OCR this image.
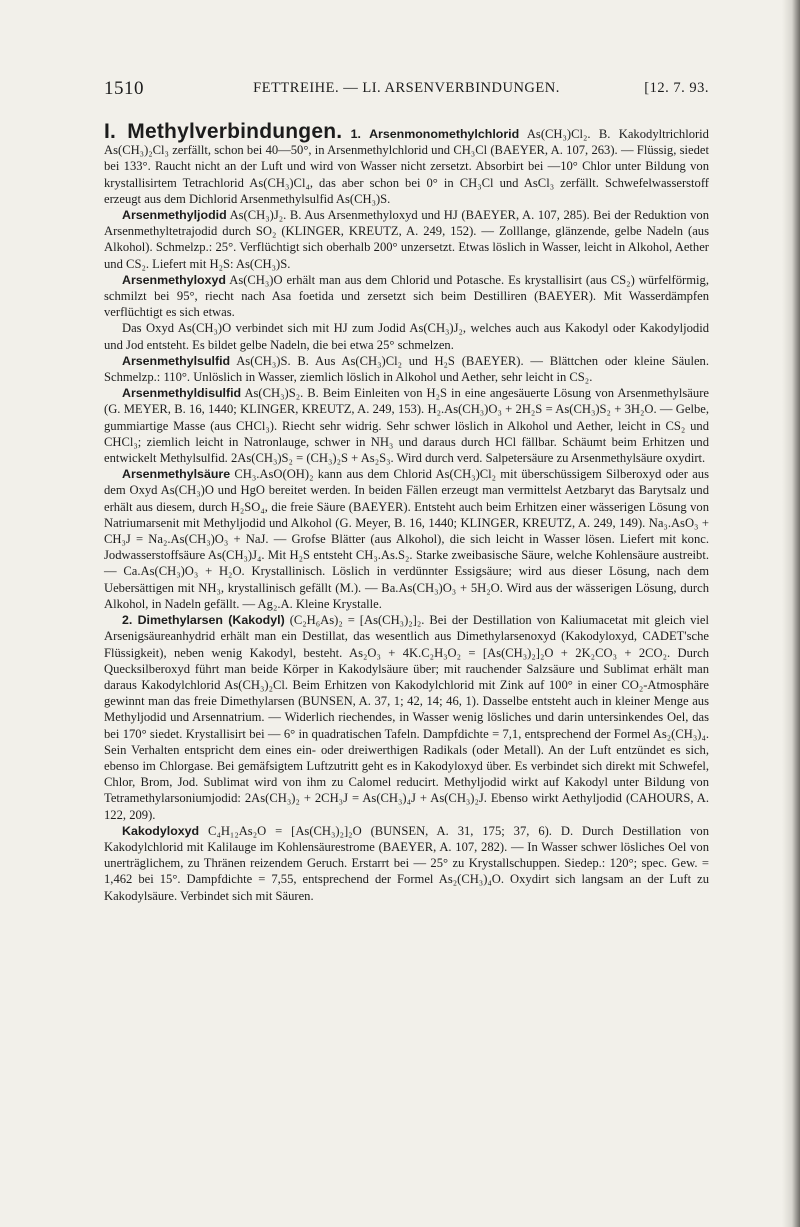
1510	FETTREIHE. — LI. ARSENVERBINDUNGEN.	[12. 7. 93.

I. Methylverbindungen. 1. Arsenmonomethylchlorid As(CH₃)Cl₂. B. Kakodyltrichlorid As(CH₃)₂Cl₃ zerfällt, schon bei 40—50°, in Arsenmethylchlorid und CH₃Cl (BAEYER, A. 107, 263). — Flüssig, siedet bei 133°. Raucht nicht an der Luft und wird von Wasser nicht zersetzt. Absorbirt bei —10° Chlor unter Bildung von krystallisirtem Tetrachlorid As(CH₃)Cl₄, das aber schon bei 0° in CH₃Cl und AsCl₃ zerfällt. Schwefelwasserstoff erzeugt aus dem Dichlorid Arsenmethylsulfid As(CH₃)S.

Arsenmethyljodid As(CH₃)J₂. B. Aus Arsenmethyloxyd und HJ (BAEYER, A. 107, 285). Bei der Reduktion von Arsenmethyltetrajodid durch SO₂ (KLINGER, KREUTZ, A. 249, 152). — Zolllange, glänzende, gelbe Nadeln (aus Alkohol). Schmelzp.: 25°. Verflüchtigt sich oberhalb 200° unzersetzt. Etwas löslich in Wasser, leicht in Alkohol, Aether und CS₂. Liefert mit H₂S: As(CH₃)S.

Arsenmethyloxyd As(CH₃)O erhält man aus dem Chlorid und Potasche. Es krystallisirt (aus CS₂) würfelförmig, schmilzt bei 95°, riecht nach Asa foetida und zersetzt sich beim Destilliren (BAEYER). Mit Wasserdämpfen verflüchtigt es sich etwas.

Das Oxyd As(CH₃)O verbindet sich mit HJ zum Jodid As(CH₃)J₂, welches auch aus Kakodyl oder Kakodyljodid und Jod entsteht. Es bildet gelbe Nadeln, die bei etwa 25° schmelzen.

Arsenmethylsulfid As(CH₃)S. B. Aus As(CH₃)Cl₂ und H₂S (BAEYER). — Blättchen oder kleine Säulen. Schmelzp.: 110°. Unlöslich in Wasser, ziemlich löslich in Alkohol und Aether, sehr leicht in CS₂.

Arsenmethyldisulfid As(CH₃)S₂. B. Beim Einleiten von H₂S in eine angesäuerte Lösung von Arsenmethylsäure (G. MEYER, B. 16, 1440; KLINGER, KREUTZ, A. 249, 153). H₂.As(CH₃)O₃ + 2H₂S = As(CH₃)S₂ + 3H₂O. — Gelbe, gummiartige Masse (aus CHCl₃). Riecht sehr widrig. Sehr schwer löslich in Alkohol und Aether, leicht in CS₂ und CHCl₃; ziemlich leicht in Natronlauge, schwer in NH₃ und daraus durch HCl fällbar. Schäumt beim Erhitzen und entwickelt Methylsulfid. 2As(CH₃)S₂ = (CH₃)₂S + As₂S₃. Wird durch verd. Salpetersäure zu Arsenmethylsäure oxydirt.

Arsenmethylsäure CH₃.AsO(OH)₂ kann aus dem Chlorid As(CH₃)Cl₂ mit überschüssigem Silberoxyd oder aus dem Oxyd As(CH₃)O und HgO bereitet werden. In beiden Fällen erzeugt man vermittelst Aetzbaryt das Barytsalz und erhält aus diesem, durch H₂SO₄, die freie Säure (BAEYER). Entsteht auch beim Erhitzen einer wässerigen Lösung von Natriumarsenit mit Methyljodid und Alkohol (G. Meyer, B. 16, 1440; KLINGER, KREUTZ, A. 249, 149). Na₃.AsO₃ + CH₃J = Na₂.As(CH₃)O₃ + NaJ. — Grofse Blätter (aus Alkohol), die sich leicht in Wasser lösen. Liefert mit konc. Jodwasserstoffsäure As(CH₃)J₄. Mit H₂S entsteht CH₃.As.S₂. Starke zweibasische Säure, welche Kohlensäure austreibt. — Ca.As(CH₃)O₃ + H₂O. Krystallinisch. Löslich in verdünnter Essigsäure; wird aus dieser Lösung, nach dem Uebersättigen mit NH₃, krystallinisch gefällt (M.). — Ba.As(CH₃)O₃ + 5H₂O. Wird aus der wässerigen Lösung, durch Alkohol, in Nadeln gefällt. — Ag₂.A. Kleine Krystalle.

2. Dimethylarsen (Kakodyl) (C₂H₆As)₂ = [As(CH₃)₂]₂. Bei der Destillation von Kaliumacetat mit gleich viel Arsenigsäureanhydrid erhält man ein Destillat, das wesentlich aus Dimethylarsenoxyd (Kakodyloxyd, CADET'sche Flüssigkeit), neben wenig Kakodyl, besteht. As₂O₃ + 4K.C₂H₃O₂ = [As(CH₃)₂]₂O + 2K₂CO₃ + 2CO₂. Durch Quecksilberoxyd führt man beide Körper in Kakodylsäure über; mit rauchender Salzsäure und Sublimat erhält man daraus Kakodylchlorid As(CH₃)₂Cl. Beim Erhitzen von Kakodylchlorid mit Zink auf 100° in einer CO₂-Atmosphäre gewinnt man das freie Dimethylarsen (BUNSEN, A. 37, 1; 42, 14; 46, 1). Dasselbe entsteht auch in kleiner Menge aus Methyljodid und Arsennatrium. — Widerlich riechendes, in Wasser wenig lösliches und darin untersinkendes Oel, das bei 170° siedet. Krystallisirt bei — 6° in quadratischen Tafeln. Dampfdichte = 7,1, entsprechend der Formel As₂(CH₃)₄. Sein Verhalten entspricht dem eines ein- oder dreiwerthigen Radikals (oder Metall). An der Luft entzündet es sich, ebenso im Chlorgase. Bei gemäfsigtem Luftzutritt geht es in Kakodyloxyd über. Es verbindet sich direkt mit Schwefel, Chlor, Brom, Jod. Sublimat wird von ihm zu Calomel reducirt. Methyljodid wirkt auf Kakodyl unter Bildung von Tetramethylarsoniumjodid: 2As(CH₃)₂ + 2CH₃J = As(CH₃)₄J + As(CH₃)₂J. Ebenso wirkt Aethyljodid (CAHOURS, A. 122, 209).

Kakodyloxyd C₄H₁₂As₂O = [As(CH₃)₂]₂O (BUNSEN, A. 31, 175; 37, 6). D. Durch Destillation von Kakodylchlorid mit Kalilauge im Kohlensäurestrome (BAEYER, A. 107, 282). — In Wasser schwer lösliches Oel von unerträglichem, zu Thränen reizendem Geruch. Erstarrt bei — 25° zu Krystallschuppen. Siedep.: 120°; spec. Gew. = 1,462 bei 15°. Dampfdichte = 7,55, entsprechend der Formel As₂(CH₃)₄O. Oxydirt sich langsam an der Luft zu Kakodylsäure. Verbindet sich mit Säuren.
